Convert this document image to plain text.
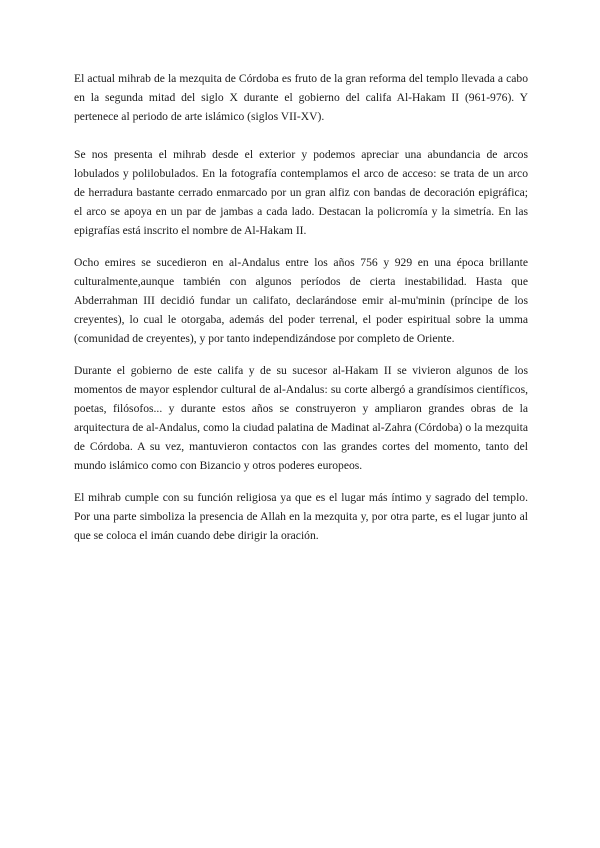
El actual mihrab de la mezquita de Córdoba es fruto de la gran reforma del templo llevada a cabo en la segunda mitad del siglo X durante el gobierno del califa Al-Hakam II (961-976). Y pertenece al periodo de arte islámico (siglos VII-XV).

Se nos presenta el mihrab desde el exterior y podemos apreciar una abundancia de arcos lobulados y polilobulados. En la fotografía contemplamos el arco de acceso: se trata de un arco de herradura bastante cerrado enmarcado por un gran alfiz con bandas de decoración epigráfica; el arco se apoya en un par de jambas a cada lado. Destacan la policromía y la simetría. En las epigrafías está inscrito el nombre de Al-Hakam II.

Ocho emires se sucedieron en al-Andalus entre los años 756 y 929 en una época brillante culturalmente,aunque también con algunos períodos de cierta inestabilidad. Hasta que Abderrahman III decidió fundar un califato, declarándose emir al-mu'minin (príncipe de los creyentes), lo cual le otorgaba, además del poder terrenal, el poder espiritual sobre la umma (comunidad de creyentes), y por tanto independizándose por completo de Oriente.

Durante el gobierno de este califa y de su sucesor al-Hakam II se vivieron algunos de los momentos de mayor esplendor cultural de al-Andalus: su corte albergó a grandísimos científicos, poetas, filósofos... y durante estos años se construyeron y ampliaron grandes obras de la arquitectura de al-Andalus, como la ciudad palatina de Madinat al-Zahra (Córdoba) o la mezquita de Córdoba. A su vez, mantuvieron contactos con las grandes cortes del momento, tanto del mundo islámico como con Bizancio y otros poderes europeos.

El mihrab cumple con su función religiosa ya que es el lugar más íntimo y sagrado del templo. Por una parte simboliza la presencia de Allah en la mezquita y, por otra parte, es el lugar junto al que se coloca el imán cuando debe dirigir la oración.
